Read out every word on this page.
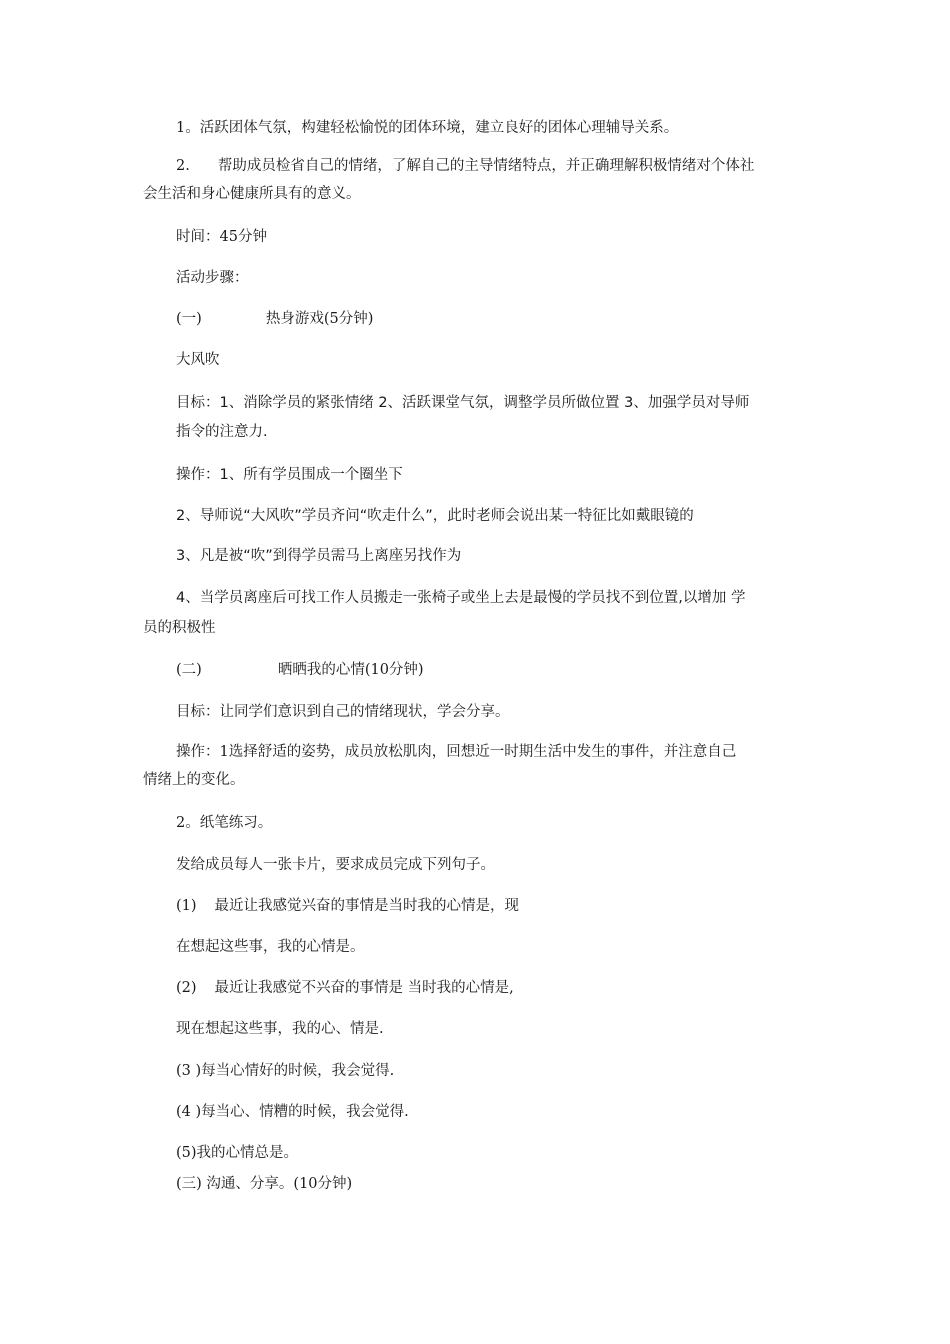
1。活跃团体气氛，构建轻松愉悦的团体环境，建立良好的团体心理辅导关系。
2. 帮助成员检省自己的情绪，了解自己的主导情绪特点，并正确理解积极情绪对个体社
会生活和身心健康所具有的意义。
时间：45分钟
活动步骤：
(一)	热身游戏(5分钟)
大风吹
目标：1、消除学员的紧张情绪 2、活跃课堂气氛，调整学员所做位置 3、加强学员对导师
指令的注意力.
操作：1、所有学员围成一个圈坐下
2、导师说“大风吹”学员齐问“吹走什么”，此时老师会说出某一特征比如戴眼镜的
3、凡是被“吹”到得学员需马上离座另找作为
4、当学员离座后可找工作人员搬走一张椅子或坐上去是最慢的学员找不到位置,以增加 学
员的积极性
(二)	晒晒我的心情(10分钟)
目标：让同学们意识到自己的情绪现状，学会分享。
操作：1选择舒适的姿势，成员放松肌肉，回想近一时期生活中发生的事件，并注意自己
情绪上的变化。
2。纸笔练习。
发给成员每人一张卡片，要求成员完成下列句子。
(1) 最近让我感觉兴奋的事情是当时我的心情是，现
在想起这些事，我的心情是。
(2) 最近让我感觉不兴奋的事情是 当时我的心情是,
现在想起这些事，我的心、情是.
(3 )每当心情好的时候，我会觉得.
(4 )每当心、情糟的时候，我会觉得.
(5)我的心情总是。
(三) 沟通、分享。(10分钟)
